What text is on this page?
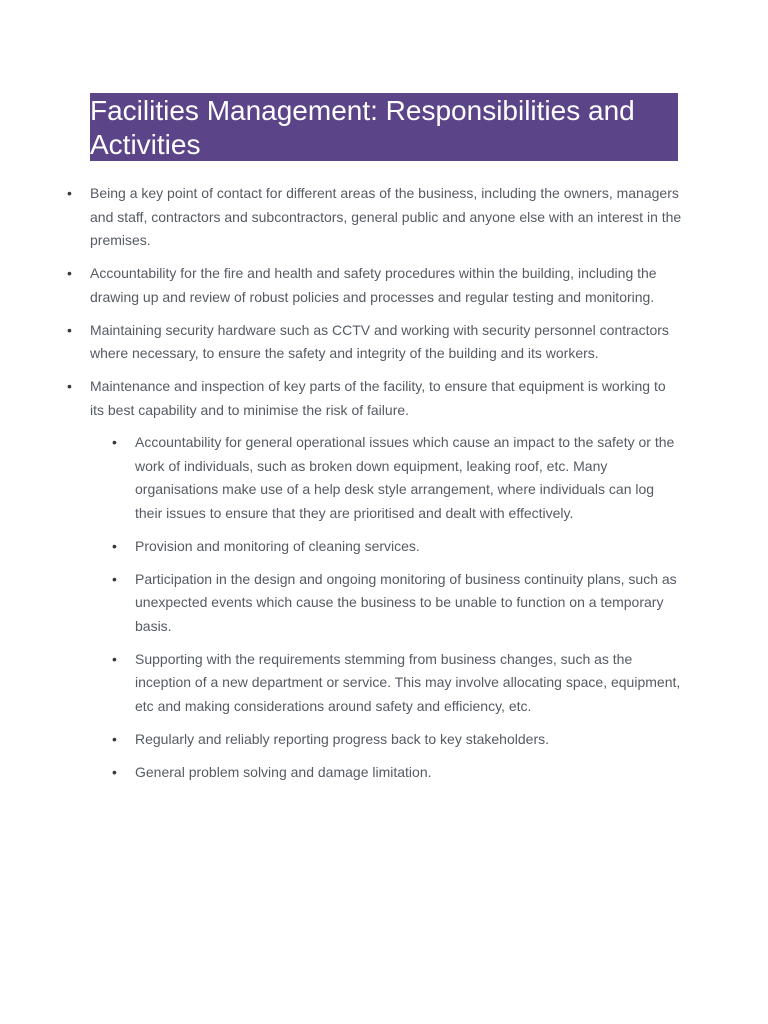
Facilities Management: Responsibilities and Activities
• Being a key point of contact for different areas of the business, including the owners, managers and staff, contractors and subcontractors, general public and anyone else with an interest in the premises.
• Accountability for the fire and health and safety procedures within the building, including the drawing up and review of robust policies and processes and regular testing and monitoring.
• Maintaining security hardware such as CCTV and working with security personnel contractors where necessary, to ensure the safety and integrity of the building and its workers.
• Maintenance and inspection of key parts of the facility, to ensure that equipment is working to its best capability and to minimise the risk of failure.
• Accountability for general operational issues which cause an impact to the safety or the work of individuals, such as broken down equipment, leaking roof, etc. Many organisations make use of a help desk style arrangement, where individuals can log their issues to ensure that they are prioritised and dealt with effectively.
• Provision and monitoring of cleaning services.
• Participation in the design and ongoing monitoring of business continuity plans, such as unexpected events which cause the business to be unable to function on a temporary basis.
• Supporting with the requirements stemming from business changes, such as the inception of a new department or service. This may involve allocating space, equipment, etc and making considerations around safety and efficiency, etc.
• Regularly and reliably reporting progress back to key stakeholders.
• General problem solving and damage limitation.
